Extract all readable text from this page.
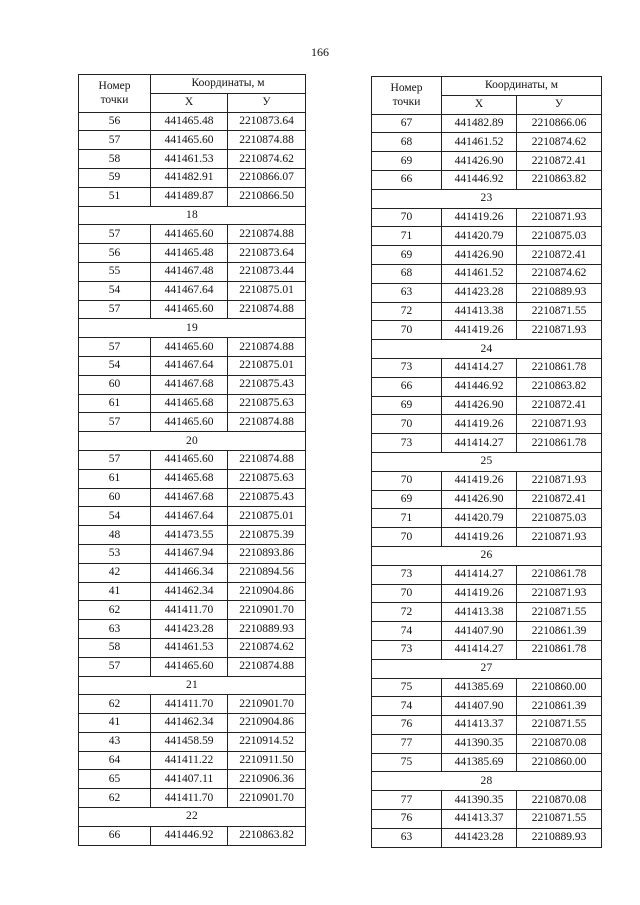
166
Номер
точки	Координаты, м	
	X	У
56	441465.48	2210873.64
57	441465.60	2210874.88
58	441461.53	2210874.62
59	441482.91	2210866.07
51	441489.87	2210866.50
18		
57	441465.60	2210874.88
56	441465.48	2210873.64
55	441467.48	2210873.44
54	441467.64	2210875.01
57	441465.60	2210874.88
19		
57	441465.60	2210874.88
54	441467.64	2210875.01
60	441467.68	2210875.43
61	441465.68	2210875.63
57	441465.60	2210874.88
20		
57	441465.60	2210874.88
61	441465.68	2210875.63
60	441467.68	2210875.43
54	441467.64	2210875.01
48	441473.55	2210875.39
53	441467.94	2210893.86
42	441466.34	2210894.56
41	441462.34	2210904.86
62	441411.70	2210901.70
63	441423.28	2210889.93
58	441461.53	2210874.62
57	441465.60	2210874.88
21		
62	441411.70	2210901.70
41	441462.34	2210904.86
43	441458.59	2210914.52
64	441411.22	2210911.50
65	441407.11	2210906.36
62	441411.70	2210901.70
22		
66	441446.92	2210863.82
Номер
точки	Координаты, м	
	X	У
67	441482.89	2210866.06
68	441461.52	2210874.62
69	441426.90	2210872.41
66	441446.92	2210863.82
23		
70	441419.26	2210871.93
71	441420.79	2210875.03
69	441426.90	2210872.41
68	441461.52	2210874.62
63	441423.28	2210889.93
72	441413.38	2210871.55
70	441419.26	2210871.93
24		
73	441414.27	2210861.78
66	441446.92	2210863.82
69	441426.90	2210872.41
70	441419.26	2210871.93
73	441414.27	2210861.78
25		
70	441419.26	2210871.93
69	441426.90	2210872.41
71	441420.79	2210875.03
70	441419.26	2210871.93
26		
73	441414.27	2210861.78
70	441419.26	2210871.93
72	441413.38	2210871.55
74	441407.90	2210861.39
73	441414.27	2210861.78
27		
75	441385.69	2210860.00
74	441407.90	2210861.39
76	441413.37	2210871.55
77	441390.35	2210870.08
75	441385.69	2210860.00
28		
77	441390.35	2210870.08
76	441413.37	2210871.55
63	441423.28	2210889.93
